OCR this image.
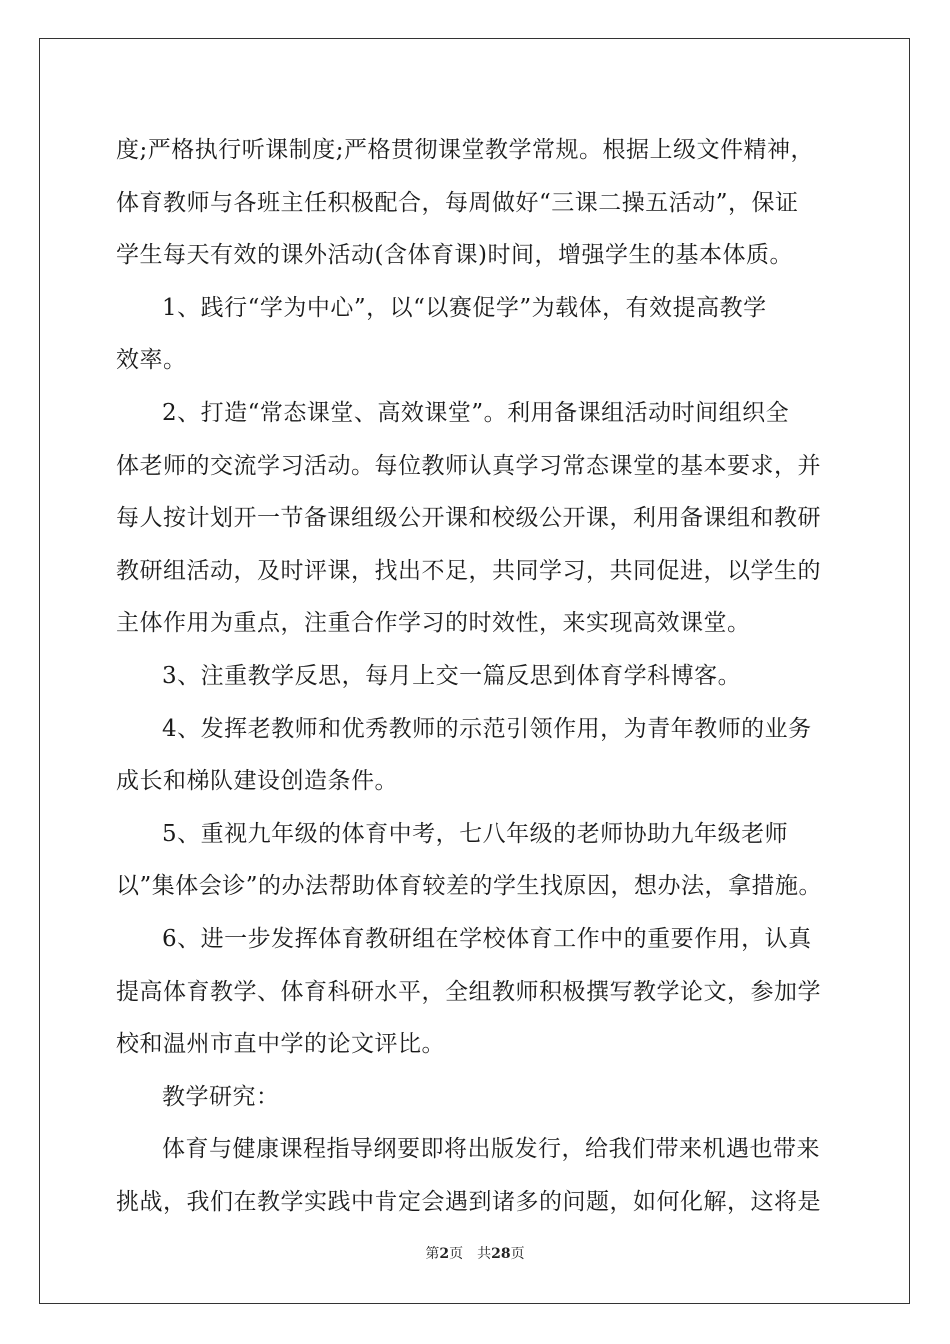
度;严格执行听课制度;严格贯彻课堂教学常规。根据上级文件精神，
体育教师与各班主任积极配合，每周做好“三课二操五活动”，保证
学生每天有效的课外活动(含体育课)时间，增强学生的基本体质。
1、践行“学为中心”，以“以赛促学”为载体，有效提高教学
效率。
2、打造“常态课堂、高效课堂”。利用备课组活动时间组织全
体老师的交流学习活动。每位教师认真学习常态课堂的基本要求，并
每人按计划开一节备课组级公开课和校级公开课，利用备课组和教研
教研组活动，及时评课，找出不足，共同学习，共同促进，以学生的
主体作用为重点，注重合作学习的时效性，来实现高效课堂。
3、注重教学反思，每月上交一篇反思到体育学科博客。
4、发挥老教师和优秀教师的示范引领作用，为青年教师的业务
成长和梯队建设创造条件。
5、重视九年级的体育中考，七八年级的老师协助九年级老师
以”集体会诊”的办法帮助体育较差的学生找原因，想办法，拿措施。
6、进一步发挥体育教研组在学校体育工作中的重要作用，认真
提高体育教学、体育科研水平，全组教师积极撰写教学论文，参加学
校和温州市直中学的论文评比。
教学研究：
体育与健康课程指导纲要即将出版发行，给我们带来机遇也带来
挑战，我们在教学实践中肯定会遇到诸多的问题，如何化解，这将是
第2页 共28页
